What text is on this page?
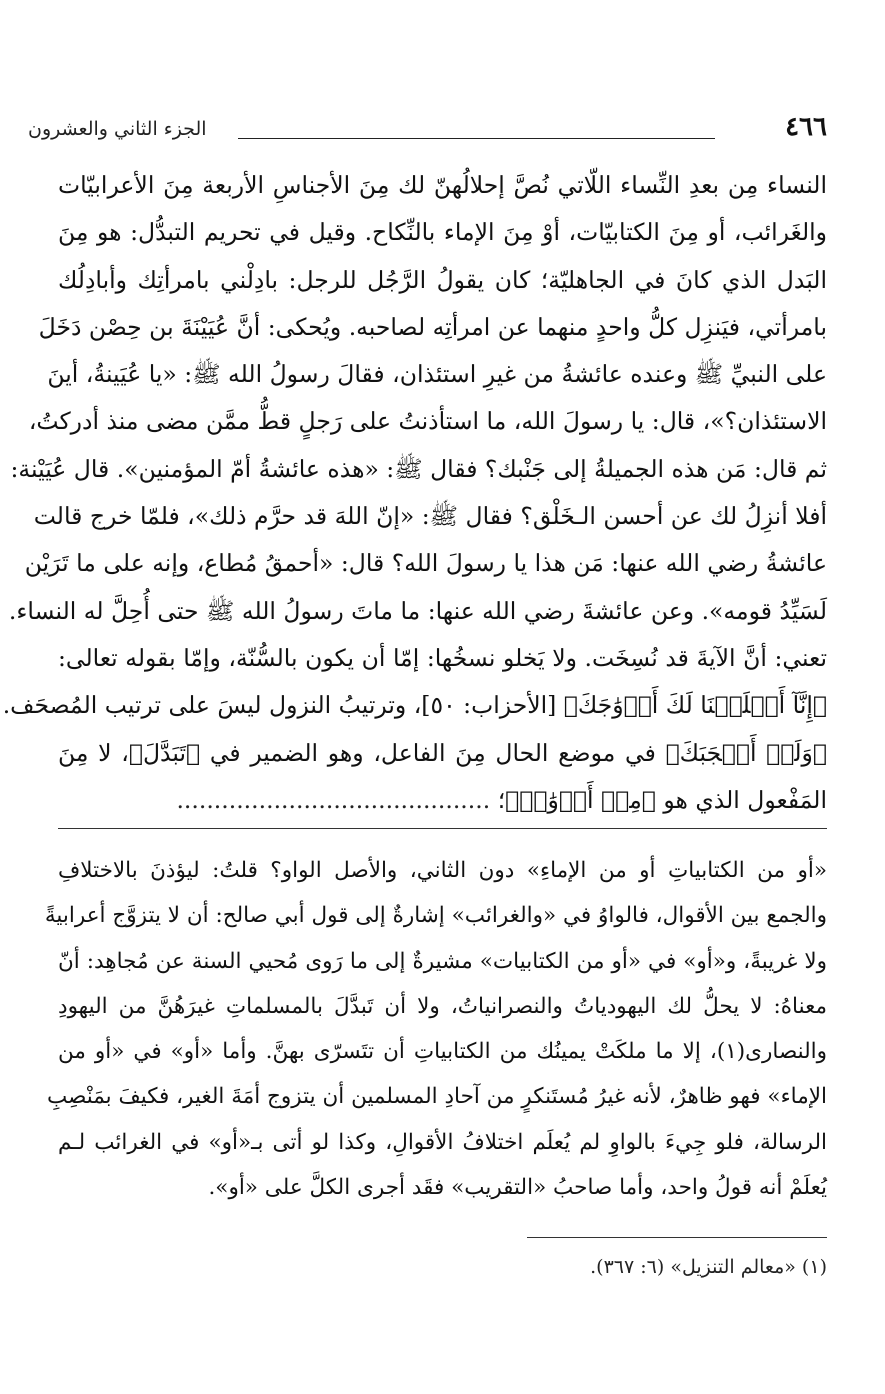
٤٦٦
الجزء الثاني والعشرون
النساء مِن بعدِ النِّساء اللّاتي نُصَّ إحلالُهنّ لك مِنَ الأجناسِ الأربعة مِنَ الأعرابيّات
والغَرائب، أو مِنَ الكتابيّات، أوْ مِنَ الإماء بالنِّكاح. وقيل في تحريم التبدُّل: هو مِنَ
البَدل الذي كانَ في الجاهليّة؛ كان يقولُ الرَّجُل للرجل: بادِلْني بامرأتِك وأبادِلُك
بامرأتي، فيَنزِل كلُّ واحدٍ منهما عن امرأتِه لصاحبه. ويُحكى: أنَّ عُيَيْنَةَ بن حِصْن دَخَلَ
على النبيِّ ﷺ وعنده عائشةُ من غيرِ استئذان، فقالَ رسولُ الله ﷺ: «يا عُيَينةُ، أينَ
الاستئذان؟»، قال: يا رسولَ الله، ما استأذنتُ على رَجلٍ قطُّ ممَّن مضى منذ أدركتُ،
ثم قال: مَن هذه الجميلةُ إلى جَنْبك؟ فقال ﷺ: «هذه عائشةُ أمّ المؤمنين». قال عُيَيْنة:
أفلا أنزِلُ لك عن أحسن الـخَلْق؟ فقال ﷺ: «إنّ اللهَ قد حرَّم ذلك»، فلمّا خرج قالت
عائشةُ رضي الله عنها: مَن هذا يا رسولَ الله؟ قال: «أحمقُ مُطاع، وإنه على ما تَرَيْن
لَسَيِّدُ قومه». وعن عائشةَ رضي الله عنها: ما ماتَ رسولُ الله ﷺ حتى أُحِلَّ له النساء.
تعني: أنَّ الآيةَ قد نُسِخَت. ولا يَخلو نسخُها: إمّا أن يكون بالسُّنّة، وإمّا بقوله تعالى:
﴿إِنَّآ أَحۡلَلۡنَا لَكَ أَزۡوَٰجَكَ﴾ [الأحزاب: ٥٠]، وترتيبُ النزول ليسَ على ترتيب المُصحَف.
﴿وَلَوۡ أَعۡجَبَكَ﴾ في موضع الحال مِنَ الفاعل، وهو الضمير في ﴿تَبَدَّلَ﴾، لا مِنَ
المَفْعول الذي هو ﴿مِنۡ أَزۡوَٰجٖ﴾؛ ..........................................
«أو من الكتابياتِ أو من الإماءِ» دون الثاني، والأصل الواو؟ قلتُ: ليؤذنَ بالاختلافِ
والجمع بين الأقوال، فالواوُ في «والغرائب» إشارةٌ إلى قول أبي صالح: أن لا يتزوَّج أعرابيةً
ولا غريبةً، و«أو» في «أو من الكتابيات» مشيرةٌ إلى ما رَوى مُحيي السنة عن مُجاهِد: أنّ
معناهُ: لا يحلُّ لك اليهودياتُ والنصرانياتُ، ولا أن تَبدَّلَ بالمسلماتِ غيرَهُنَّ من اليهودِ
والنصارى(١)، إلا ما ملكَتْ يمينُك من الكتابياتِ أن تتَسرّى بهنَّ. وأما «أو» في «أو من
الإماء» فهو ظاهرٌ، لأنه غيرُ مُستَنكرٍ من آحادِ المسلمين أن يتزوج أمَةَ الغير، فكيفَ بمَنْصِبِ
الرسالة، فلو جِيءَ بالواوِ لم يُعلَم اختلافُ الأقوالِ، وكذا لو أتى بـ«أو» في الغرائب لـم
يُعلَمْ أنه قولُ واحد، وأما صاحبُ «التقريب» فقَد أجرى الكلَّ على «أو».
(١) «معالم التنزيل» (٦: ٣٦٧).
